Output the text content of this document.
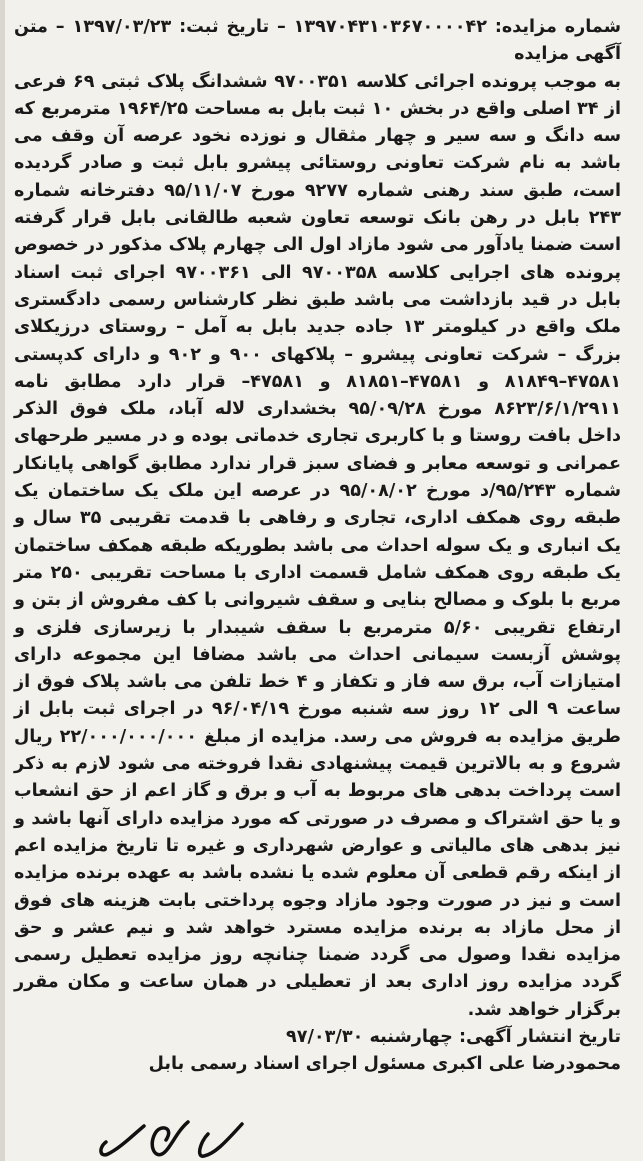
شماره مزایده: ۱۳۹۷۰۴۳۱۰۳۶۷۰۰۰۰۴۲ – تاریخ ثبت: ۱۳۹۷/۰۳/۲۳ – متن آگهی مزایده

به موجب پرونده اجرائی کلاسه ۹۷۰۰۳۵۱ ششدانگ پلاک ثبتی ۶۹ فرعی از ۳۴ اصلی واقع در بخش ۱۰ ثبت بابل به مساحت ۱۹۶۴/۲۵ مترمربع که سه دانگ و سه سیر و چهار مثقال و نوزده نخود عرصه آن وقف می باشد به نام شرکت تعاونی روستائی پیشرو بابل ثبت و صادر گردیده است، طبق سند رهنی شماره ۹۲۷۷ مورخ ۹۵/۱۱/۰۷ دفترخانه شماره ۲۴۳ بابل در رهن بانک توسعه تعاون شعبه طالقانی بابل قرار گرفته است ضمنا یادآور می شود مازاد اول الی چهارم پلاک مذکور در خصوص پرونده های اجرایی کلاسه ۹۷۰۰۳۵۸ الی ۹۷۰۰۳۶۱ اجرای ثبت اسناد بابل در قید بازداشت می باشد طبق نظر کارشناس رسمی دادگستری ملک واقع در کیلومتر ۱۳ جاده جدید بابل به آمل – روستای درزیکلای بزرگ – شرکت تعاونی پیشرو – پلاکهای ۹۰۰ و ۹۰۲ و دارای کدپستی ۴۷۵۸۱–۸۱۸۴۹ و ۴۷۵۸۱–۸۱۸۵۱ و ۴۷۵۸۱– قرار دارد مطابق نامه ۸۶۲۳/۶/۱/۲۹۱۱ مورخ ۹۵/۰۹/۲۸ بخشداری لاله آباد، ملک فوق الذکر داخل بافت روستا و با کاربری تجاری خدماتی بوده و در مسیر طرحهای عمرانی و توسعه معابر و فضای سبز قرار ندارد مطابق گواهی پایانکار شماره ۹۵/۲۴۳/د مورخ ۹۵/۰۸/۰۲ در عرصه این ملک یک ساختمان یک طبقه روی همکف اداری، تجاری و رفاهی با قدمت تقریبی ۳۵ سال و یک انباری و یک سوله احداث می باشد بطوریکه طبقه همکف ساختمان یک طبقه روی همکف شامل قسمت اداری با مساحت تقریبی ۲۵۰ متر مربع با بلوک و مصالح بنایی و سقف شیروانی با کف مفروش از بتن و ارتفاع تقریبی ۵/۶۰ مترمربع با سقف شیبدار با زیرسازی فلزی و پوشش آزبست سیمانی احداث می باشد مضافا این مجموعه دارای امتیازات آب، برق سه فاز و تکفاز و ۴ خط تلفن می باشد پلاک فوق از ساعت ۹ الی ۱۲ روز سه شنبه مورخ ۹۶/۰۴/۱۹ در اجرای ثبت بابل از طریق مزایده به فروش می رسد. مزایده از مبلغ ۲۲/۰۰۰/۰۰۰/۰۰۰ ریال شروع و به بالاترین قیمت پیشنهادی نقدا فروخته می شود لازم به ذکر است پرداخت بدهی های مربوط به آب و برق و گاز اعم از حق انشعاب و یا حق اشتراک و مصرف در صورتی که مورد مزایده دارای آنها باشد و نیز بدهی های مالیاتی و عوارض شهرداری و غیره تا تاریخ مزایده اعم از اینکه رقم قطعی آن معلوم شده یا نشده باشد به عهده برنده مزایده است و نیز در صورت وجود مازاد وجوه پرداختی بابت هزینه های فوق از محل مازاد به برنده مزایده مسترد خواهد شد و نیم عشر و حق مزایده نقدا وصول می گردد ضمنا چنانچه روز مزایده تعطیل رسمی گردد مزایده روز اداری بعد از تعطیلی در همان ساعت و مکان مقرر برگزار خواهد شد.

تاریخ انتشار آگهی: چهارشنبه ۹۷/۰۳/۳۰

محمودرضا علی اکبری مسئول اجرای اسناد رسمی بابل
